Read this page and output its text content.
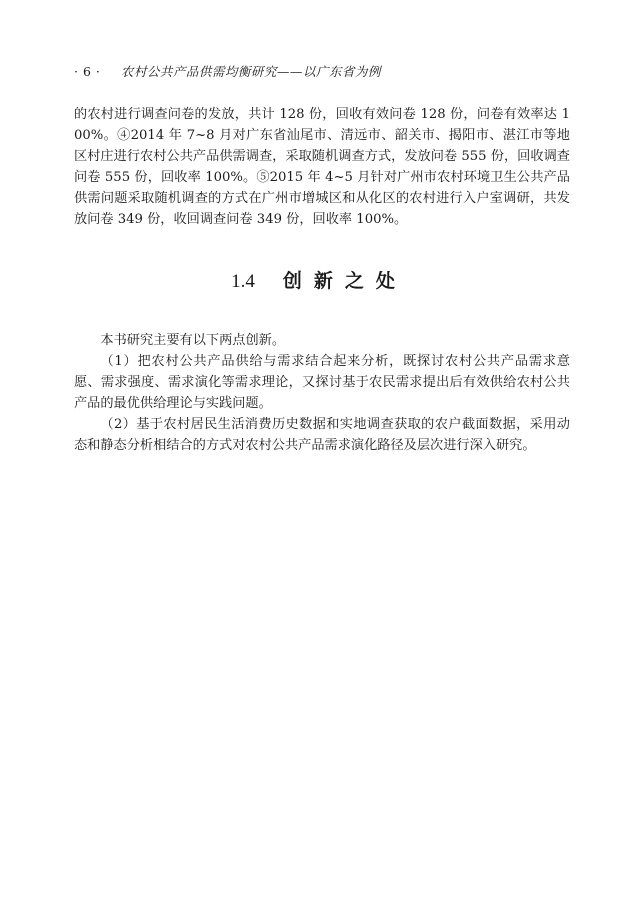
· 6 · 农村公共产品供需均衡研究——以广东省为例

的农村进行调查问卷的发放，共计 128 份，回收有效问卷 128 份，问卷有效率达 100%。④2014 年 7~8 月对广东省汕尾市、清远市、韶关市、揭阳市、湛江市等地区村庄进行农村公共产品供需调查，采取随机调查方式，发放问卷 555 份，回收调查问卷 555 份，回收率 100%。⑤2015 年 4~5 月针对广州市农村环境卫生公共产品供需问题采取随机调查的方式在广州市增城区和从化区的农村进行入户室调研，共发放问卷 349 份，收回调查问卷 349 份，回收率 100%。

1.4 创新之处

本书研究主要有以下两点创新。

（1）把农村公共产品供给与需求结合起来分析，既探讨农村公共产品需求意愿、需求强度、需求演化等需求理论，又探讨基于农民需求提出后有效供给农村公共产品的最优供给理论与实践问题。

（2）基于农村居民生活消费历史数据和实地调查获取的农户截面数据，采用动态和静态分析相结合的方式对农村公共产品需求演化路径及层次进行深入研究。
